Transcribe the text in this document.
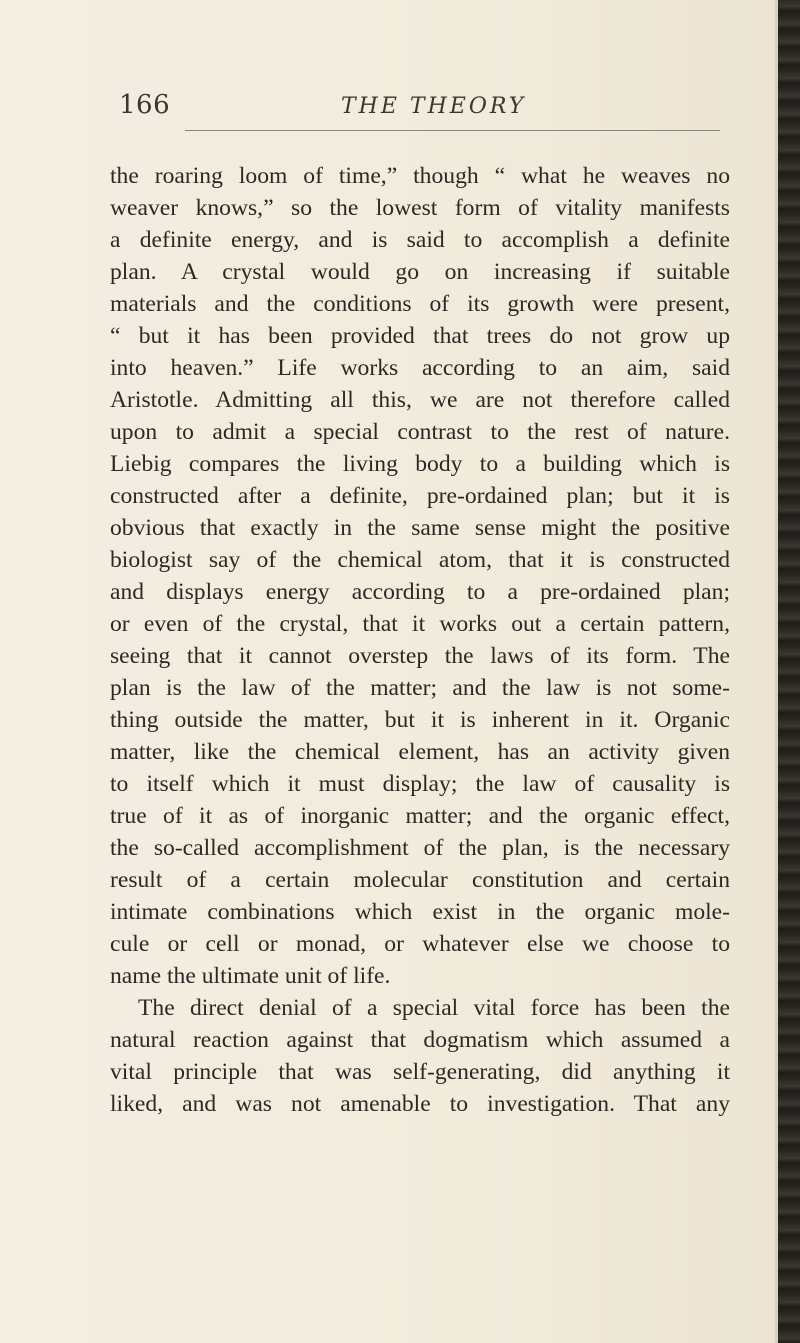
166	THE THEORY
the roaring loom of time,” though “ what he weaves no
weaver knows,” so the lowest form of vitality manifests
a definite energy, and is said to accomplish a definite
plan. A crystal would go on increasing if suitable
materials and the conditions of its growth were present,
“ but it has been provided that trees do not grow up
into heaven.” Life works according to an aim, said
Aristotle. Admitting all this, we are not therefore called
upon to admit a special contrast to the rest of nature.
Liebig compares the living body to a building which is
constructed after a definite, pre-ordained plan; but it is
obvious that exactly in the same sense might the positive
biologist say of the chemical atom, that it is constructed
and displays energy according to a pre-ordained plan;
or even of the crystal, that it works out a certain pattern,
seeing that it cannot overstep the laws of its form. The
plan is the law of the matter; and the law is not some-
thing outside the matter, but it is inherent in it. Organic
matter, like the chemical element, has an activity given
to itself which it must display; the law of causality is
true of it as of inorganic matter; and the organic effect,
the so-called accomplishment of the plan, is the necessary
result of a certain molecular constitution and certain
intimate combinations which exist in the organic mole-
cule or cell or monad, or whatever else we choose to
name the ultimate unit of life.
The direct denial of a special vital force has been the
natural reaction against that dogmatism which assumed a
vital principle that was self-generating, did anything it
liked, and was not amenable to investigation. That any
